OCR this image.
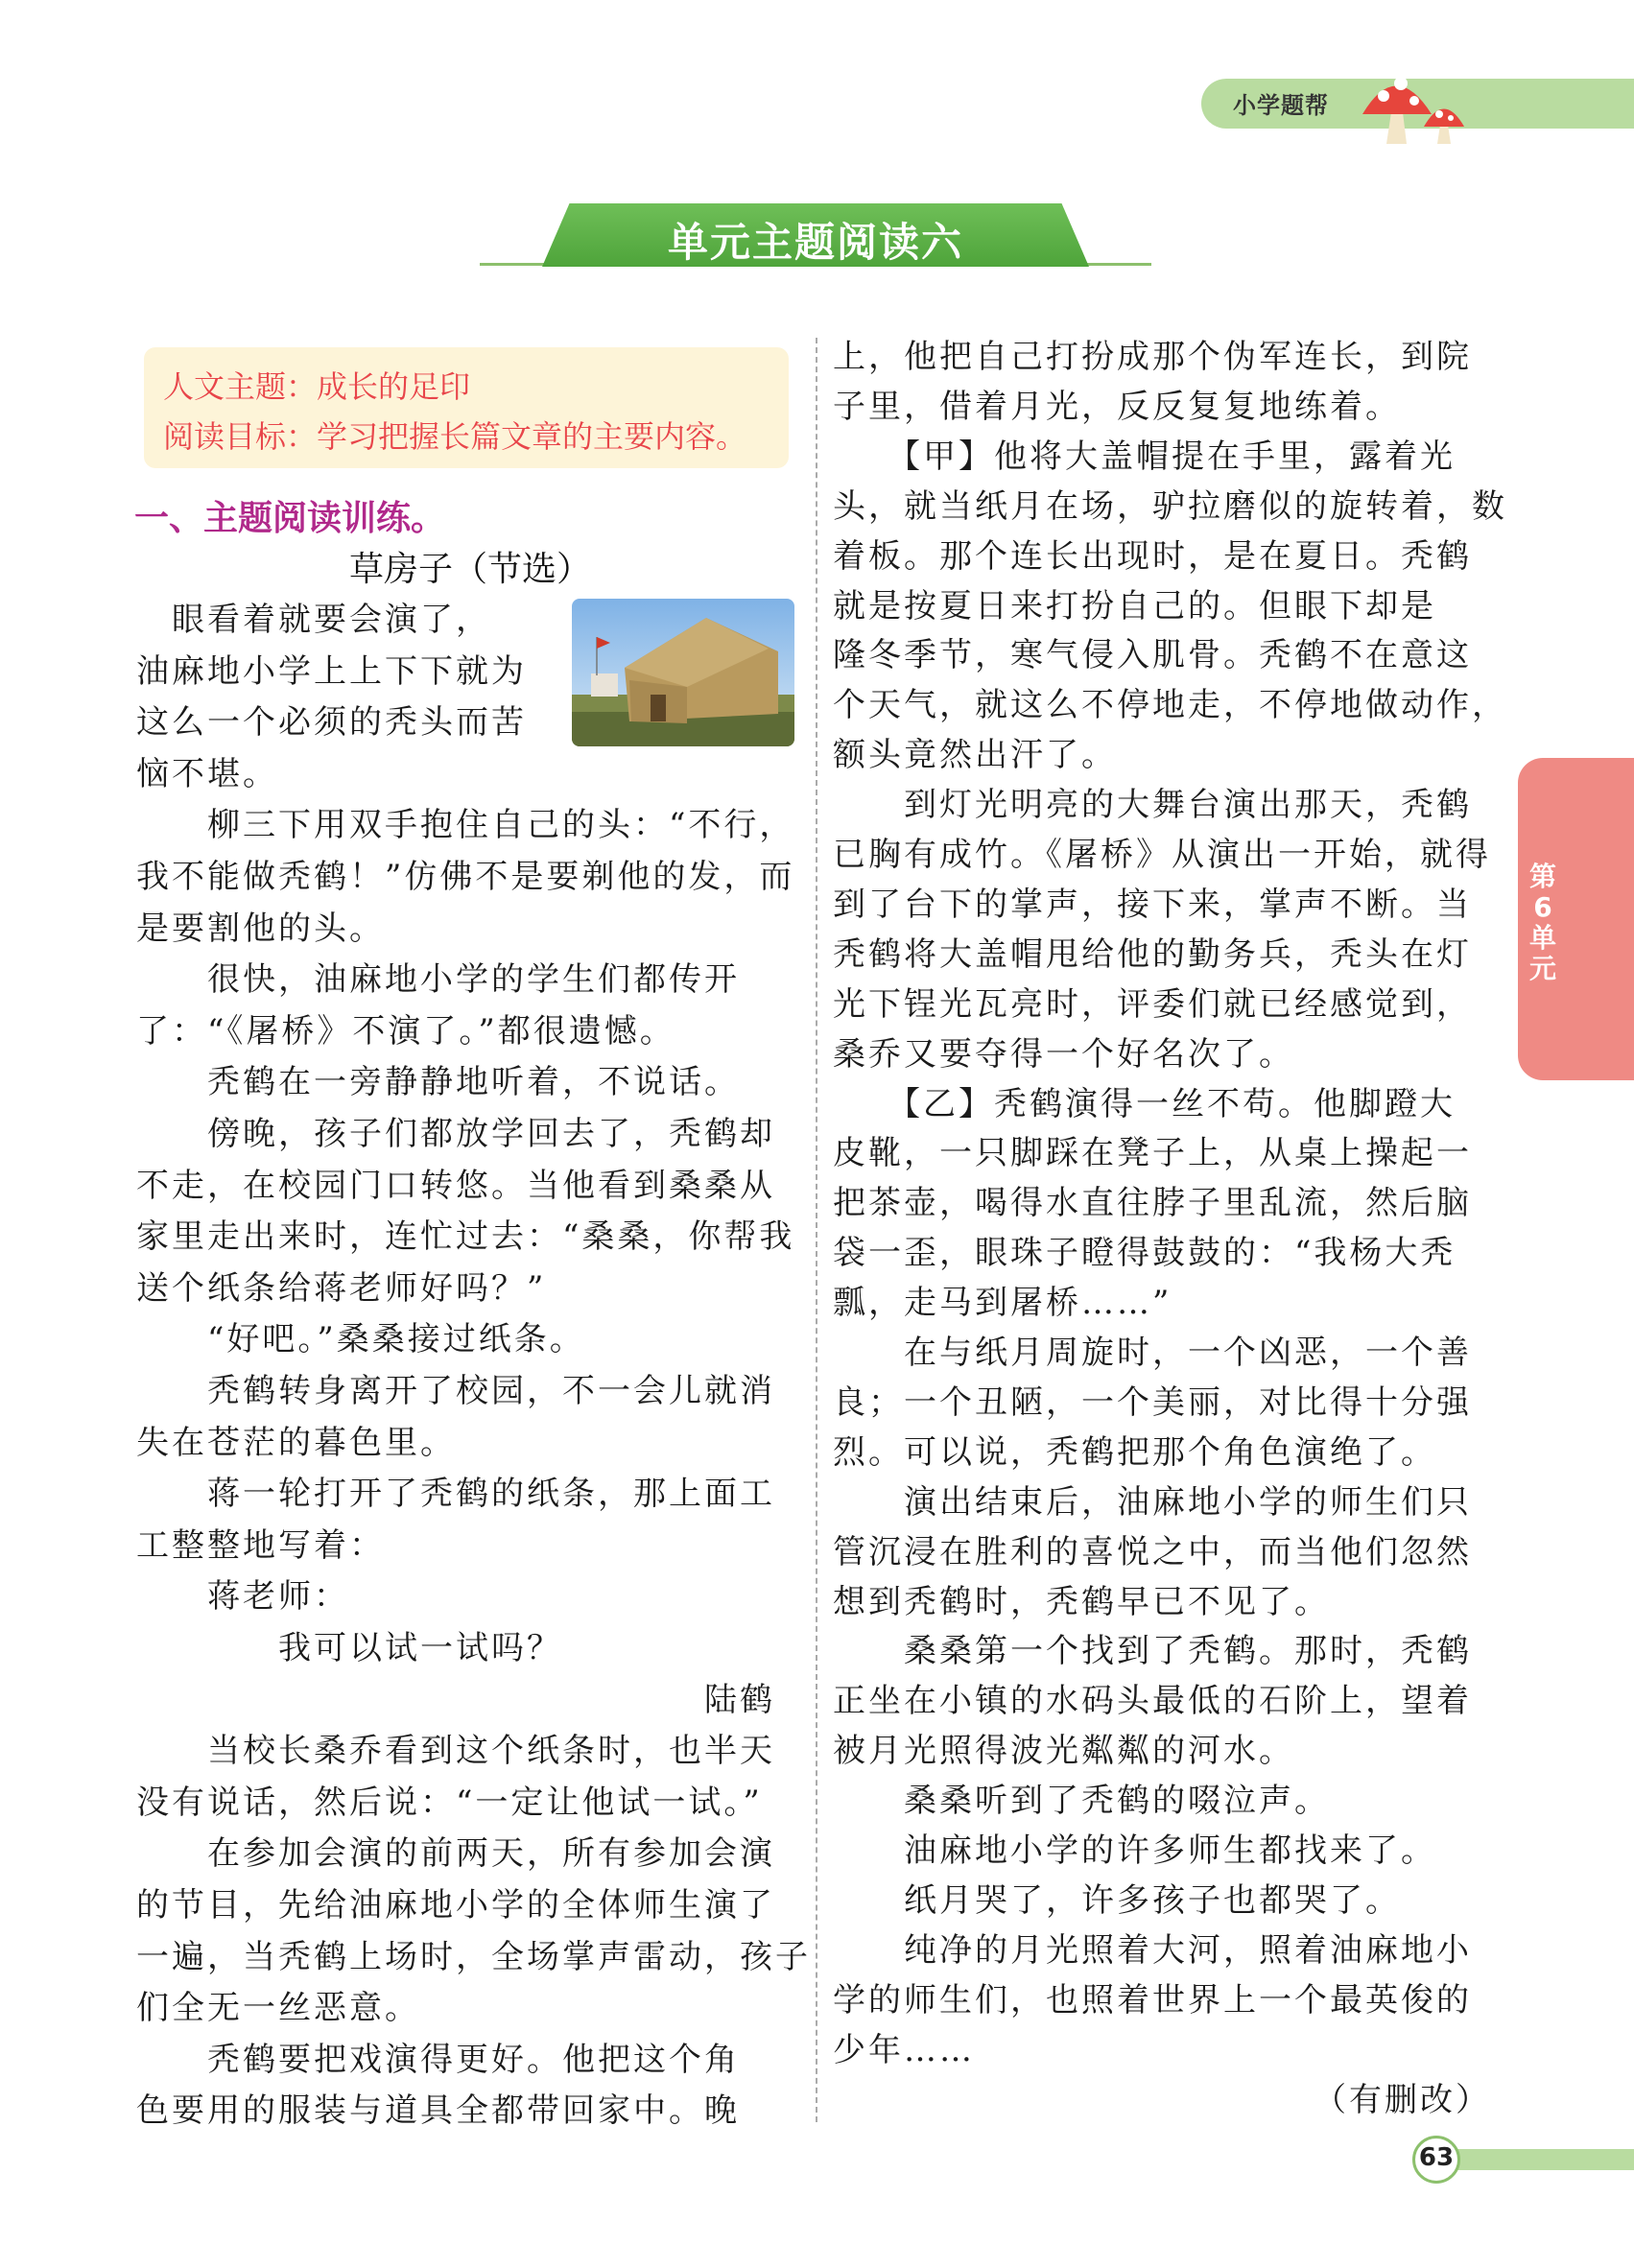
小学题帮
单元主题阅读六
人文主题：成长的足印
阅读目标：学习把握长篇文章的主要内容。
一、主题阅读训练。
草房子（节选）
　眼看着就要会演了，
油麻地小学上上下下就为
这么一个必须的秃头而苦
恼不堪。
　　柳三下用双手抱住自己的头：“不行，
我不能做秃鹤！”仿佛不是要剃他的发，而
是要割他的头。
　　很快，油麻地小学的学生们都传开
了：“《屠桥》不演了。”都很遗憾。
　　秃鹤在一旁静静地听着，不说话。
　　傍晚，孩子们都放学回去了，秃鹤却
不走，在校园门口转悠。当他看到桑桑从
家里走出来时，连忙过去：“桑桑，你帮我
送个纸条给蒋老师好吗？”
　　“好吧。”桑桑接过纸条。
　　秃鹤转身离开了校园，不一会儿就消
失在苍茫的暮色里。
　　蒋一轮打开了秃鹤的纸条，那上面工
工整整地写着：
　　蒋老师：
　　　　我可以试一试吗？
　　　　　　　　　　　　　　　　陆鹤
　　当校长桑乔看到这个纸条时，也半天
没有说话，然后说：“一定让他试一试。”
　　在参加会演的前两天，所有参加会演
的节目，先给油麻地小学的全体师生演了
一遍，当秃鹤上场时，全场掌声雷动，孩子
们全无一丝恶意。
　　秃鹤要把戏演得更好。他把这个角
色要用的服装与道具全都带回家中。晚
上，他把自己打扮成那个伪军连长，到院
子里，借着月光，反反复复地练着。
　　【甲】他将大盖帽提在手里，露着光
头，就当纸月在场，驴拉磨似的旋转着，数
着板。那个连长出现时，是在夏日。秃鹤
就是按夏日来打扮自己的。但眼下却是
隆冬季节，寒气侵入肌骨。秃鹤不在意这
个天气，就这么不停地走，不停地做动作，
额头竟然出汗了。
　　到灯光明亮的大舞台演出那天，秃鹤
已胸有成竹。《屠桥》从演出一开始，就得
到了台下的掌声，接下来，掌声不断。当
秃鹤将大盖帽甩给他的勤务兵，秃头在灯
光下锃光瓦亮时，评委们就已经感觉到，
桑乔又要夺得一个好名次了。
　　【乙】秃鹤演得一丝不苟。他脚蹬大
皮靴，一只脚踩在凳子上，从桌上操起一
把茶壶，喝得水直往脖子里乱流，然后脑
袋一歪，眼珠子瞪得鼓鼓的：“我杨大秃
瓢，走马到屠桥……”
　　在与纸月周旋时，一个凶恶，一个善
良；一个丑陋，一个美丽，对比得十分强
烈。可以说，秃鹤把那个角色演绝了。
　　演出结束后，油麻地小学的师生们只
管沉浸在胜利的喜悦之中，而当他们忽然
想到秃鹤时，秃鹤早已不见了。
　　桑桑第一个找到了秃鹤。那时，秃鹤
正坐在小镇的水码头最低的石阶上，望着
被月光照得波光粼粼的河水。
　　桑桑听到了秃鹤的啜泣声。
　　油麻地小学的许多师生都找来了。
　　纸月哭了，许多孩子也都哭了。
　　纯净的月光照着大河，照着油麻地小
学的师生们，也照着世界上一个最英俊的
少年……
　　　　　　　　　　　　　　（有删改）
第6单元
63
